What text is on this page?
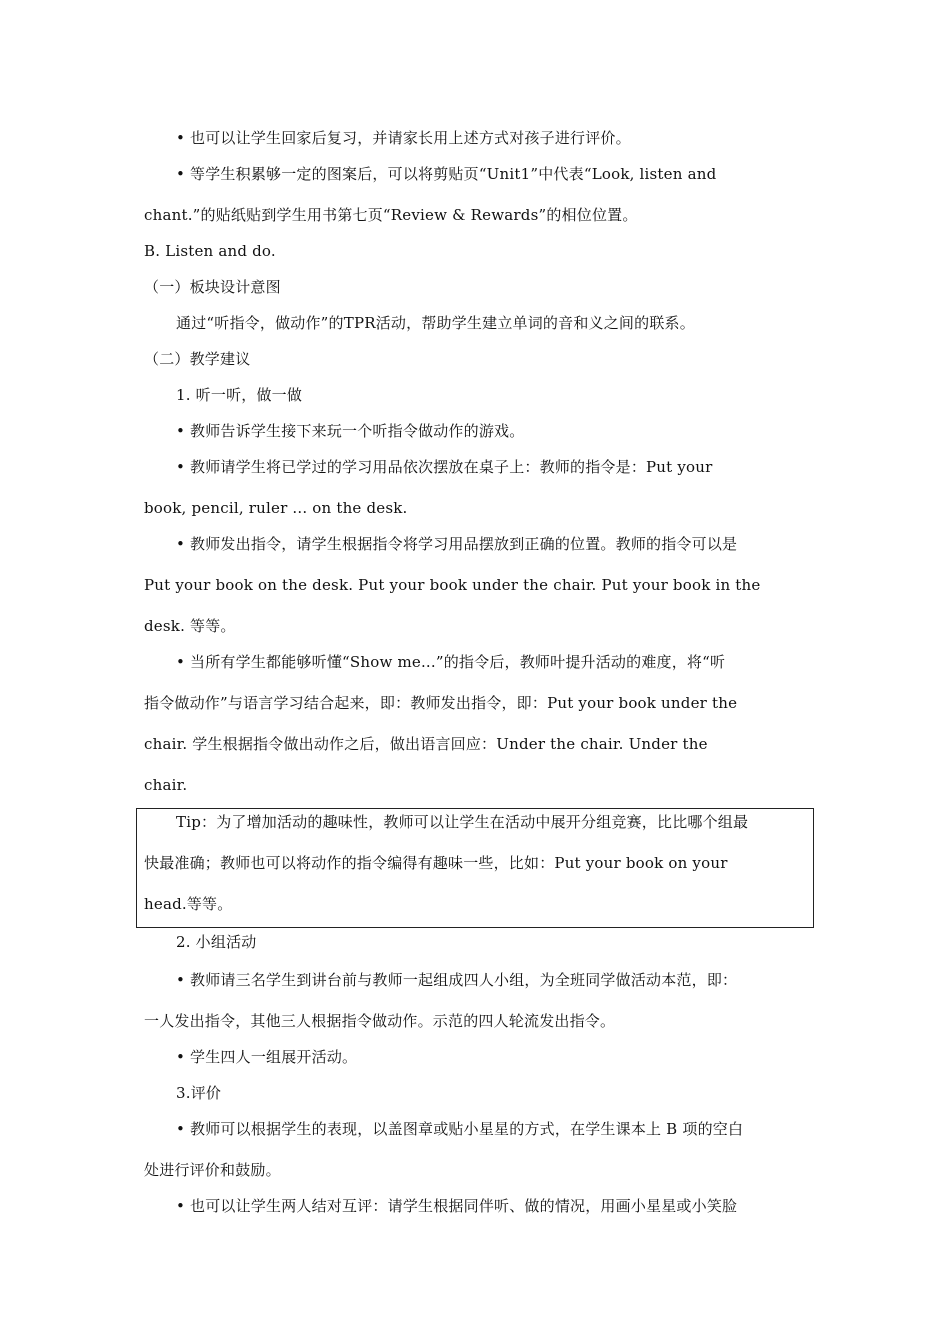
• 也可以让学生回家后复习，并请家长用上述方式对孩子进行评价。
• 等学生积累够一定的图案后，可以将剪贴页“Unit1”中代表“Look, listen and
chant.”的贴纸贴到学生用书第七页“Review & Rewards”的相位位置。
B. Listen and do.
（一）板块设计意图
通过“听指令，做动作”的TPR活动，帮助学生建立单词的音和义之间的联系。
（二）教学建议
1. 听一听，做一做
• 教师告诉学生接下来玩一个听指令做动作的游戏。
• 教师请学生将已学过的学习用品依次摆放在桌子上：教师的指令是：Put your
book, pencil, ruler ... on the desk.
• 教师发出指令，请学生根据指令将学习用品摆放到正确的位置。教师的指令可以是
Put your book on the desk. Put your book under the chair. Put your book in the
desk. 等等。
• 当所有学生都能够听懂“Show me...”的指令后，教师叶提升活动的难度，将“听
指令做动作”与语言学习结合起来，即：教师发出指令，即：Put your book under the
chair. 学生根据指令做出动作之后，做出语言回应：Under the chair. Under the
chair.
Tip：为了增加活动的趣味性，教师可以让学生在活动中展开分组竞赛，比比哪个组最
快最准确；教师也可以将动作的指令编得有趣味一些，比如：Put your book on your
head.等等。
2. 小组活动
• 教师请三名学生到讲台前与教师一起组成四人小组，为全班同学做活动本范，即：
一人发出指令，其他三人根据指令做动作。示范的四人轮流发出指令。
• 学生四人一组展开活动。
3.评价
• 教师可以根据学生的表现，以盖图章或贴小星星的方式，在学生课本上 B 项的空白
处进行评价和鼓励。
• 也可以让学生两人结对互评：请学生根据同伴听、做的情况，用画小星星或小笑脸
